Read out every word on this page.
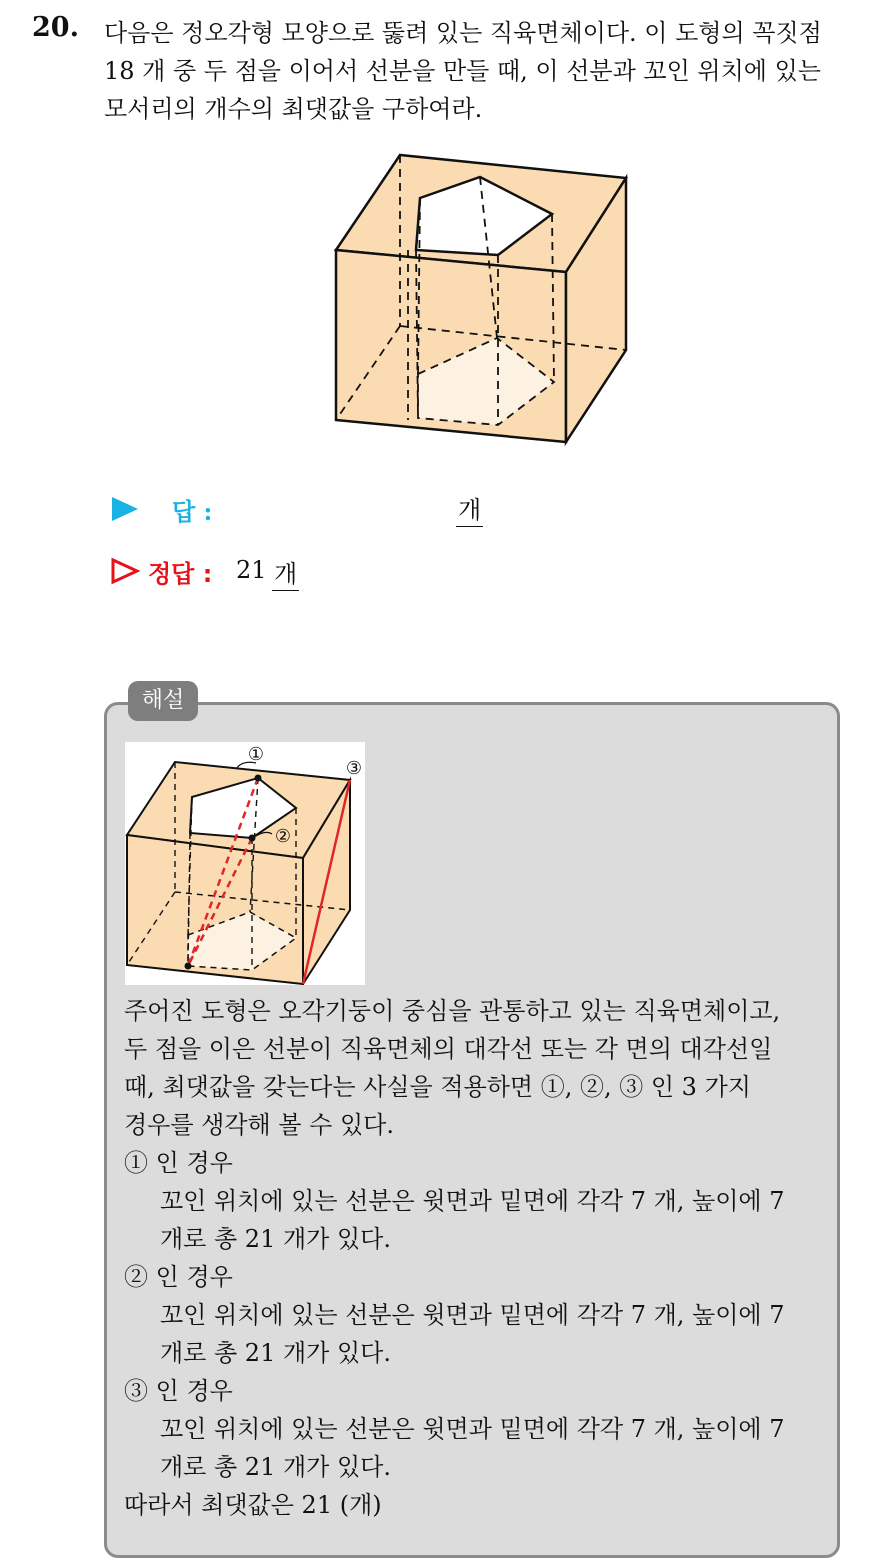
20. 다음은 정오각형 모양으로 뚫려 있는 직육면체이다. 이 도형의 꼭짓점
18 개 중 두 점을 이어서 선분을 만들 때, 이 선분과 꼬인 위치에 있는
모서리의 개수의 최댓값을 구하여라.
답 :	개
정답 : 21 개
해설
①
②
③
주어진 도형은 오각기둥이 중심을 관통하고 있는 직육면체이고,
두 점을 이은 선분이 직육면체의 대각선 또는 각 면의 대각선일
때, 최댓값을 갖는다는 사실을 적용하면 ①, ②, ③ 인 3 가지
경우를 생각해 볼 수 있다.
① 인 경우
꼬인 위치에 있는 선분은 윗면과 밑면에 각각 7 개, 높이에 7
개로 총 21 개가 있다.
② 인 경우
꼬인 위치에 있는 선분은 윗면과 밑면에 각각 7 개, 높이에 7
개로 총 21 개가 있다.
③ 인 경우
꼬인 위치에 있는 선분은 윗면과 밑면에 각각 7 개, 높이에 7
개로 총 21 개가 있다.
따라서 최댓값은 21 (개)
